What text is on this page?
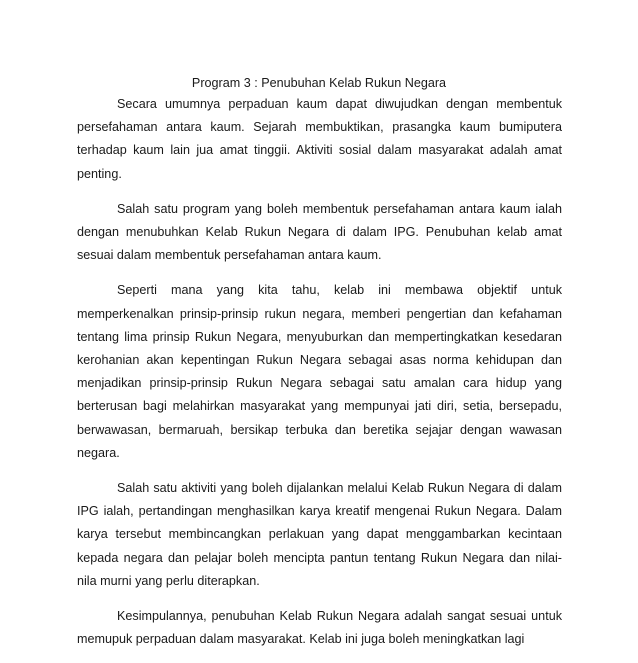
Program 3 : Penubuhan Kelab Rukun Negara

Secara umumnya perpaduan kaum dapat diwujudkan dengan membentuk persefahaman antara kaum. Sejarah membuktikan, prasangka kaum bumiputera terhadap kaum lain jua amat tinggii. Aktiviti sosial dalam masyarakat adalah amat penting.

Salah satu program yang boleh membentuk persefahaman antara kaum ialah dengan menubuhkan Kelab Rukun Negara di dalam IPG. Penubuhan kelab amat sesuai dalam membentuk persefahaman antara kaum.

Seperti mana yang kita tahu, kelab ini membawa objektif untuk memperkenalkan prinsip-prinsip rukun negara, memberi pengertian dan kefahaman tentang lima prinsip Rukun Negara, menyuburkan dan mempertingkatkan kesedaran kerohanian akan kepentingan Rukun Negara sebagai asas norma kehidupan dan menjadikan prinsip-prinsip Rukun Negara sebagai satu amalan cara hidup yang berterusan bagi melahirkan masyarakat yang mempunyai jati diri, setia, bersepadu, berwawasan, bermaruah, bersikap terbuka dan beretika sejajar dengan wawasan negara.

Salah satu aktiviti yang boleh dijalankan melalui Kelab Rukun Negara di dalam IPG ialah, pertandingan menghasilkan karya kreatif mengenai Rukun Negara. Dalam karya tersebut membincangkan perlakuan yang dapat menggambarkan kecintaan kepada negara dan pelajar boleh mencipta pantun tentang Rukun Negara dan nilai-nila murni yang perlu diterapkan.

Kesimpulannya, penubuhan Kelab Rukun Negara adalah sangat sesuai untuk memupuk perpaduan dalam masyarakat. Kelab ini juga boleh meningkatkan lagi
